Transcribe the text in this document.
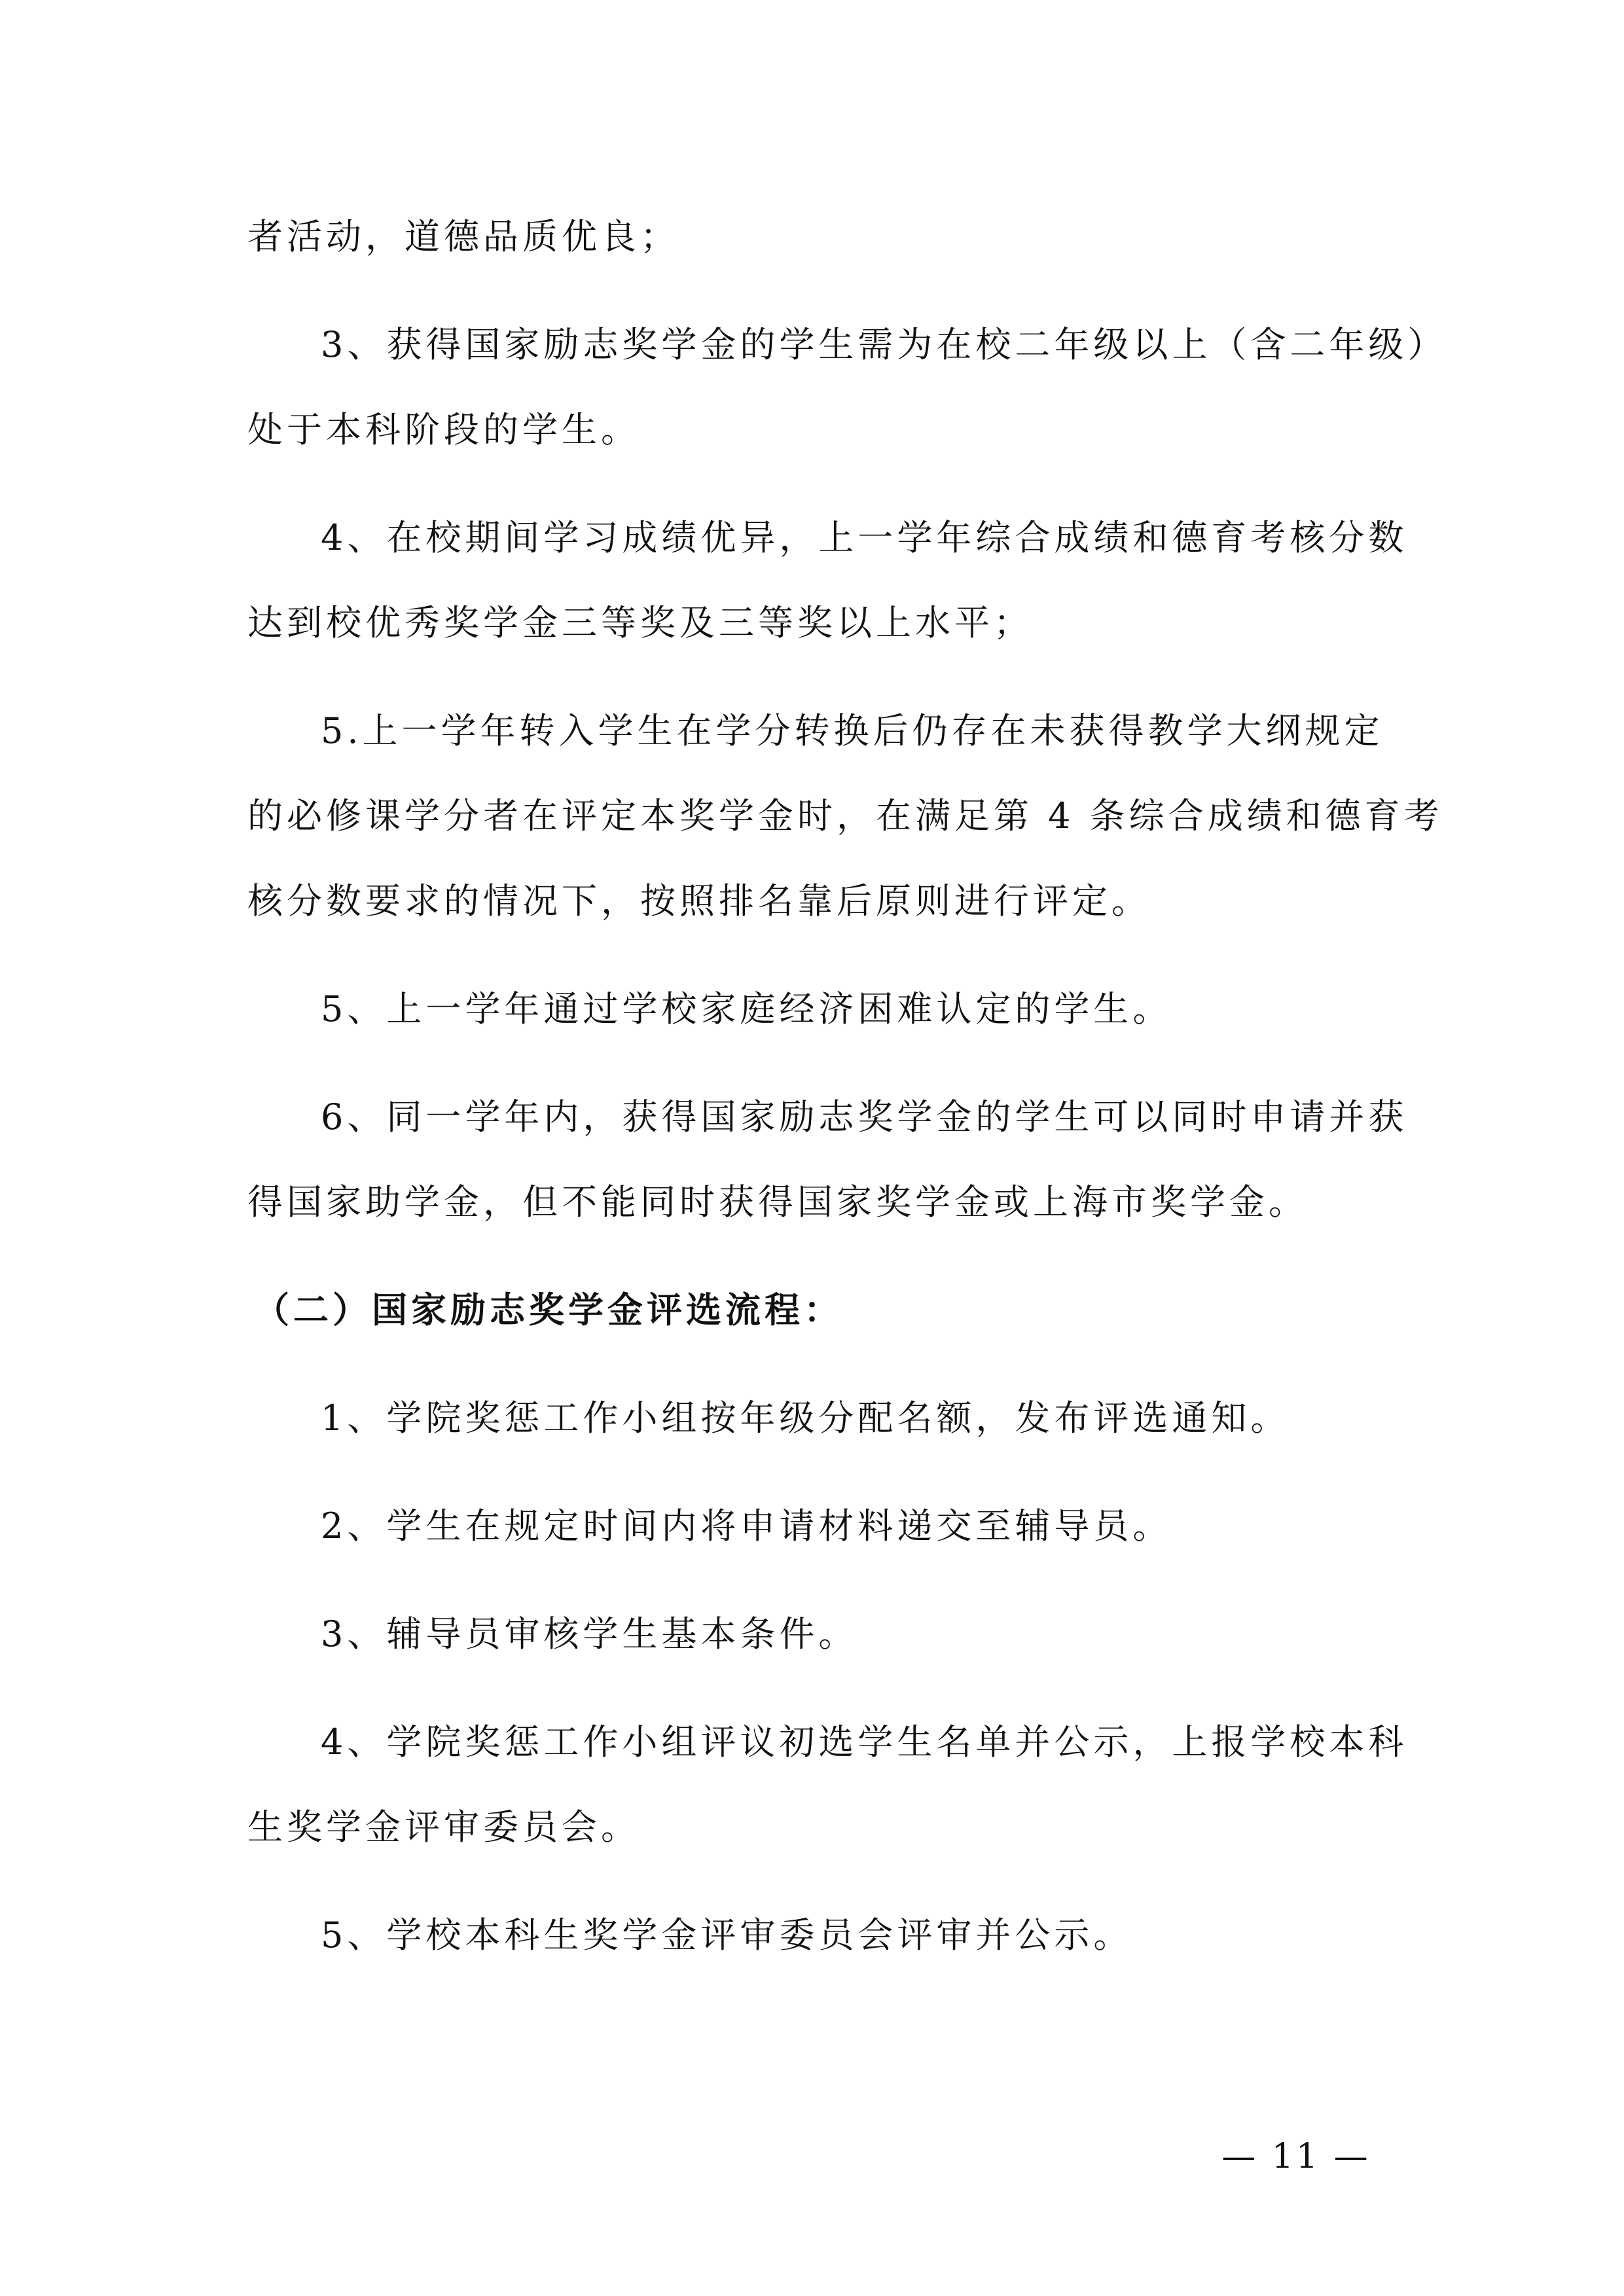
者活动，道德品质优良；

3、获得国家励志奖学金的学生需为在校二年级以上（含二年级）

处于本科阶段的学生。

4、在校期间学习成绩优异，上一学年综合成绩和德育考核分数

达到校优秀奖学金三等奖及三等奖以上水平；

5.上一学年转入学生在学分转换后仍存在未获得教学大纲规定

的必修课学分者在评定本奖学金时，在满足第 4 条综合成绩和德育考

核分数要求的情况下，按照排名靠后原则进行评定。

5、上一学年通过学校家庭经济困难认定的学生。

6、同一学年内，获得国家励志奖学金的学生可以同时申请并获

得国家助学金，但不能同时获得国家奖学金或上海市奖学金。

（二）国家励志奖学金评选流程：

1、学院奖惩工作小组按年级分配名额，发布评选通知。

2、学生在规定时间内将申请材料递交至辅导员。

3、辅导员审核学生基本条件。

4、学院奖惩工作小组评议初选学生名单并公示，上报学校本科

生奖学金评审委员会。

5、学校本科生奖学金评审委员会评审并公示。

— 11 —
